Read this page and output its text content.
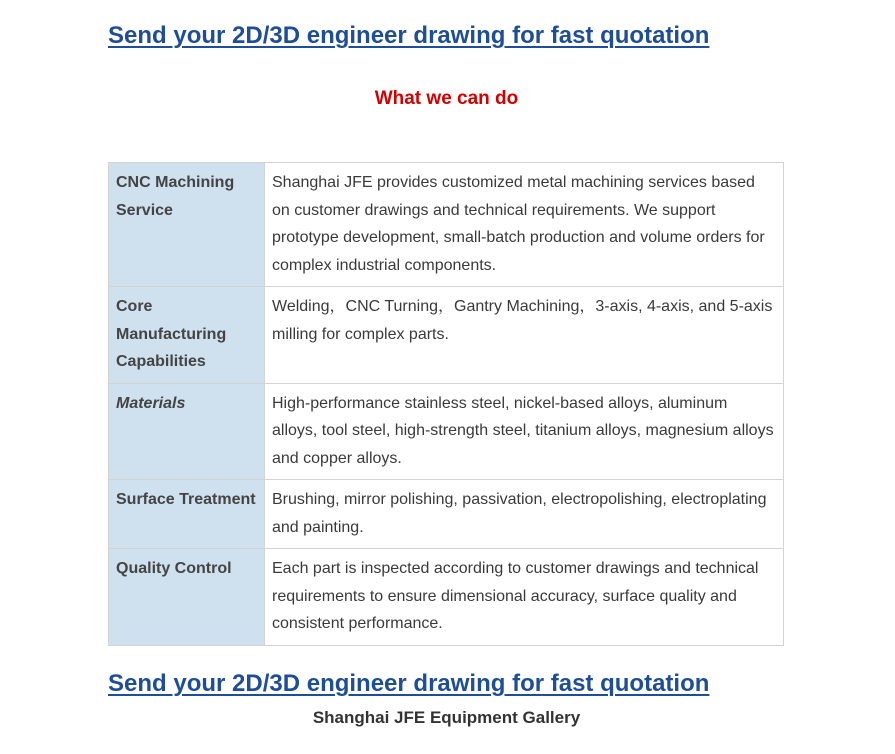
Send your 2D/3D engineer drawing for fast quotation
What we can do
CNC Machining Service	Shanghai JFE provides customized metal machining services based on customer drawings and technical requirements. We support prototype development, small-batch production and volume orders for complex industrial components.
Core Manufacturing Capabilities	Welding，CNC Turning，Gantry Machining，3-axis, 4-axis, and 5-axis milling for complex parts.
Materials	High-performance stainless steel, nickel-based alloys, aluminum alloys, tool steel, high-strength steel, titanium alloys, magnesium alloys and copper alloys.
Surface Treatment	Brushing, mirror polishing, passivation, electropolishing, electroplating and painting.
Quality Control	Each part is inspected according to customer drawings and technical requirements to ensure dimensional accuracy, surface quality and consistent performance.
Send your 2D/3D engineer drawing for fast quotation
Shanghai JFE Equipment Gallery
